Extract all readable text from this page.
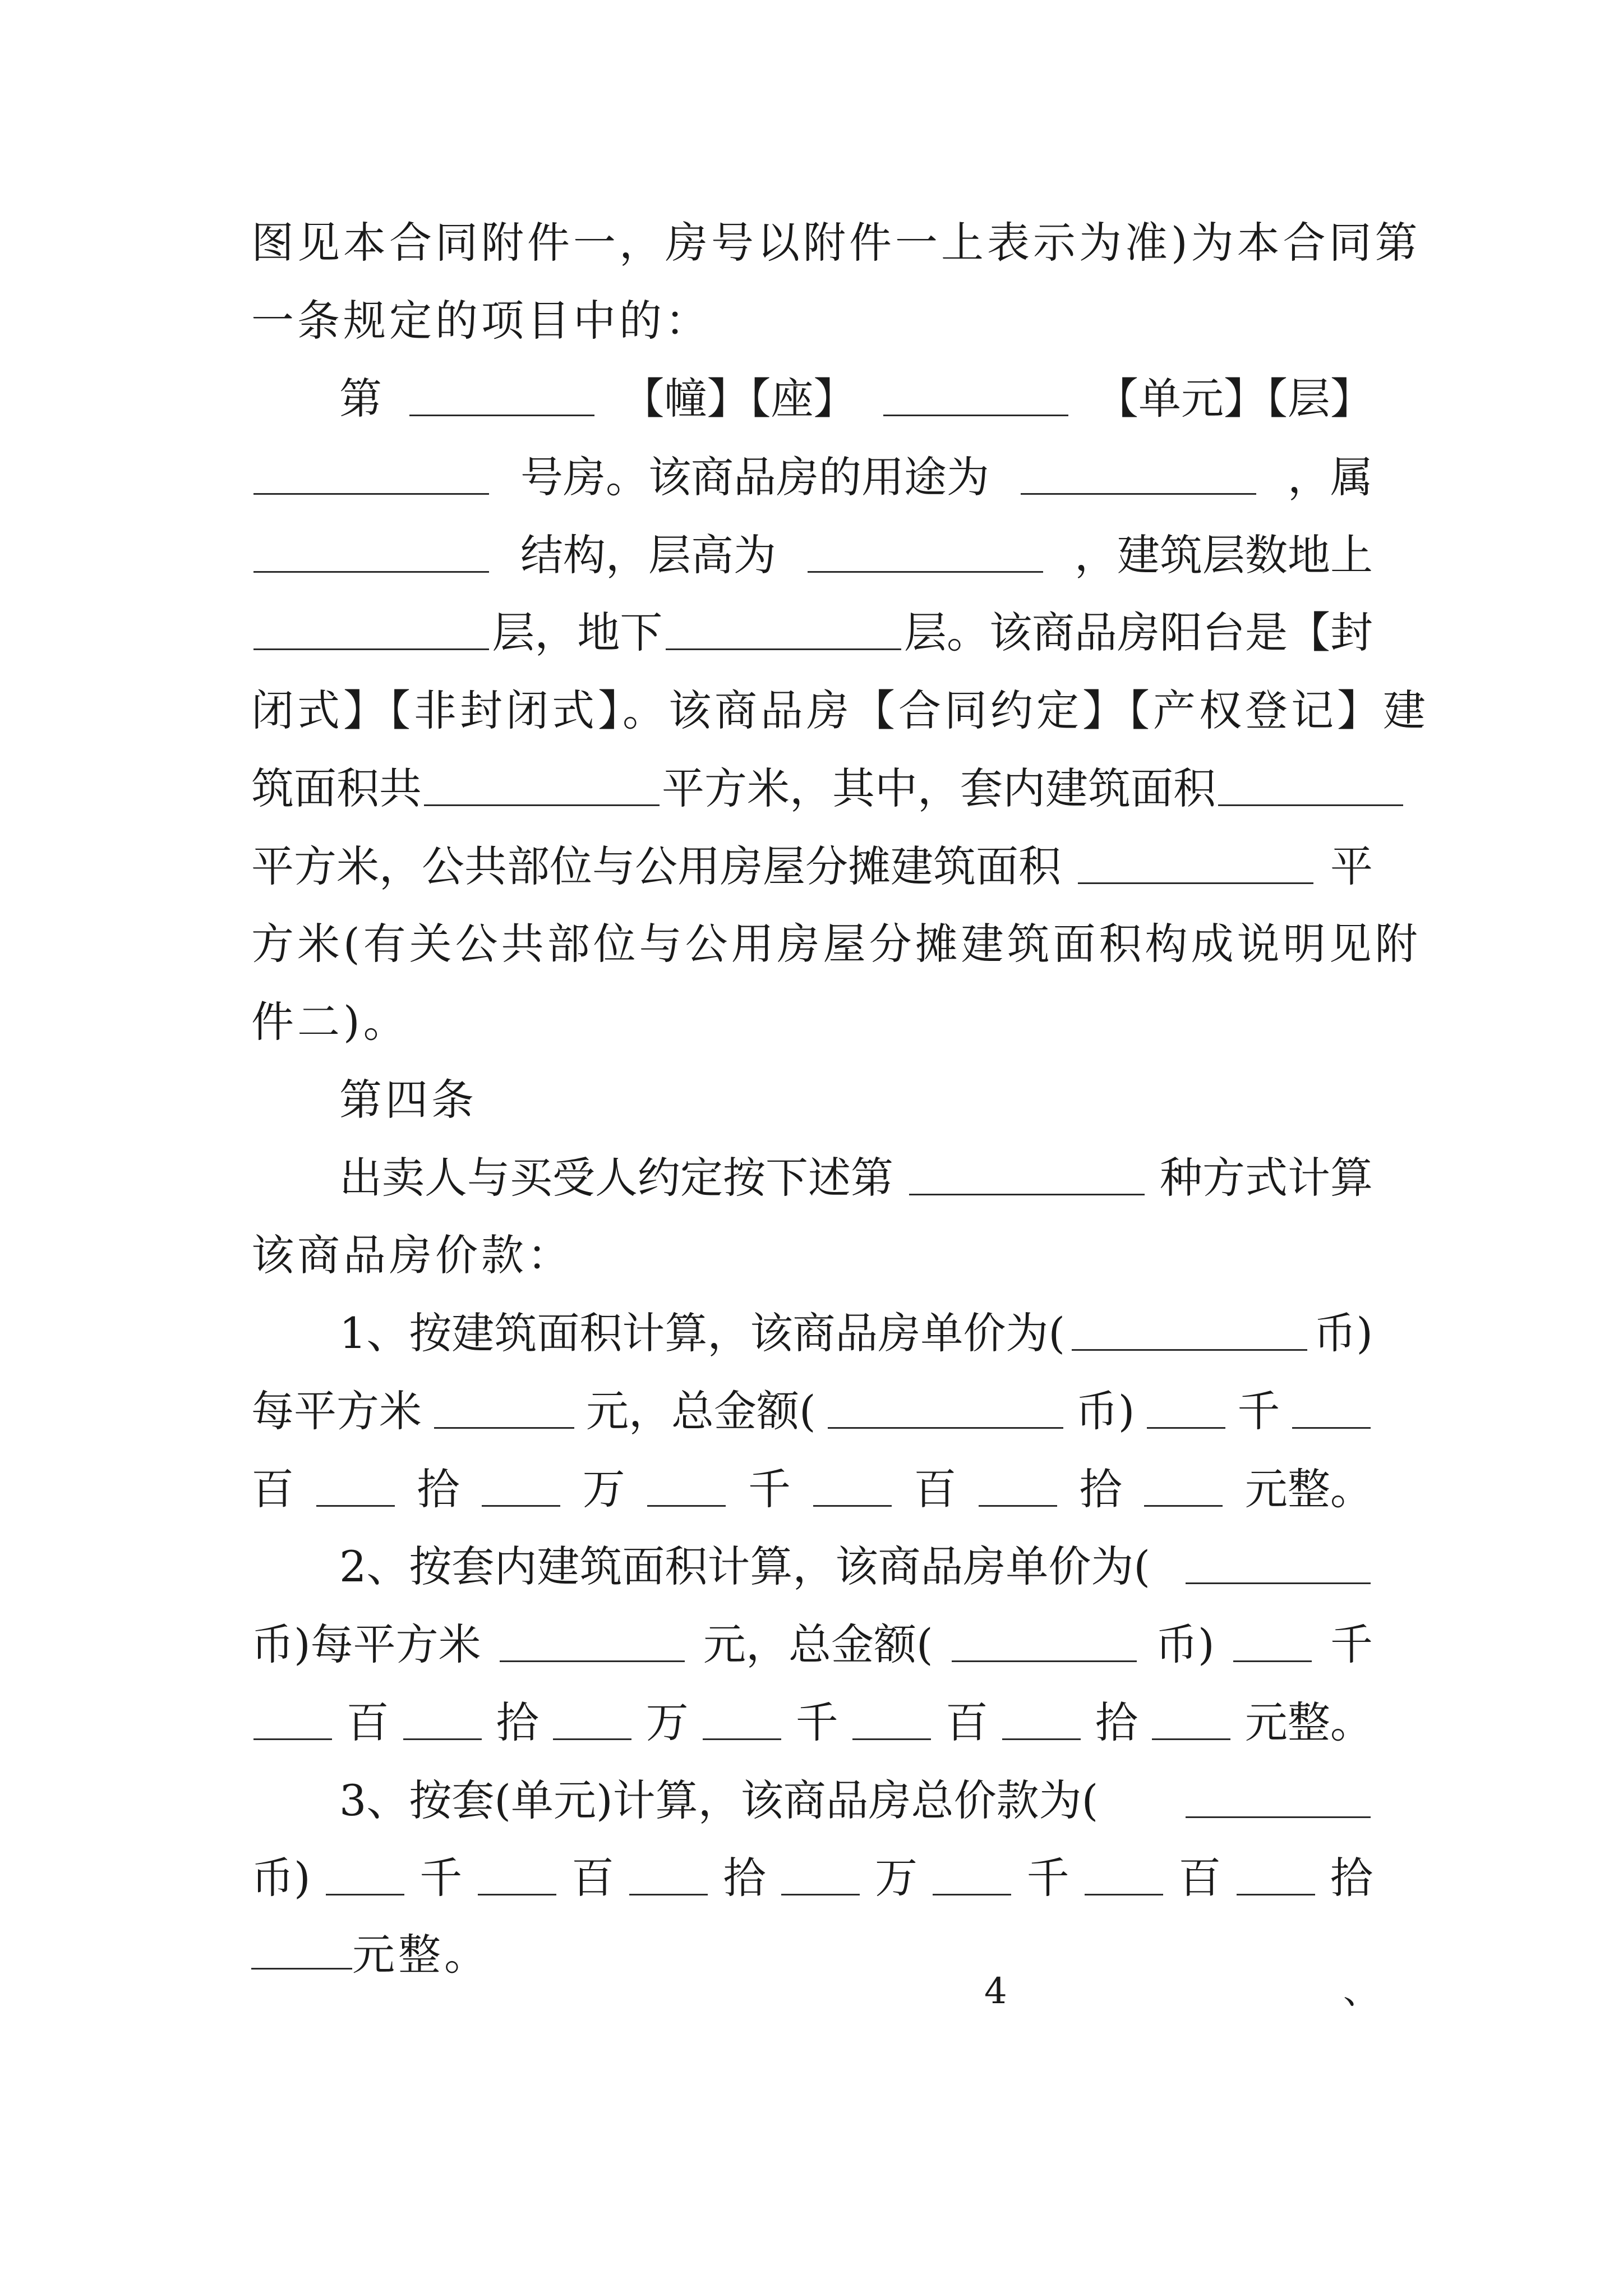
图见本合同附件一，房号以附件一上表示为准)为本合同第
一条规定的项目中的：
第	【幢】【座】	【单元】【层】
号房。该商品房的用途为	，属
结构，层高为	，建筑层数地上
层，地下	层。该商品房阳台是【封
闭式】【非封闭式】。该商品房【合同约定】【产权登记】建
筑面积共	平方米，其中，套内建筑面积
平方米，公共部位与公用房屋分摊建筑面积	平
方米(有关公共部位与公用房屋分摊建筑面积构成说明见附
件二)。
第四条
出卖人与买受人约定按下述第	种方式计算
该商品房价款：
1、按建筑面积计算，该商品房单价为(	币)
每平方米	元，总金额(	币) 千
百	拾	万	千	百	拾	元整。
2、按套内建筑面积计算，该商品房单价为(
币)每平方米	元，总金额(	币)	千
百	拾	万	千	百	拾	元整。
3、按套(单元)计算，该商品房总价款为(
币)	千	百	拾	万	千	百	拾
元整。
4	、
